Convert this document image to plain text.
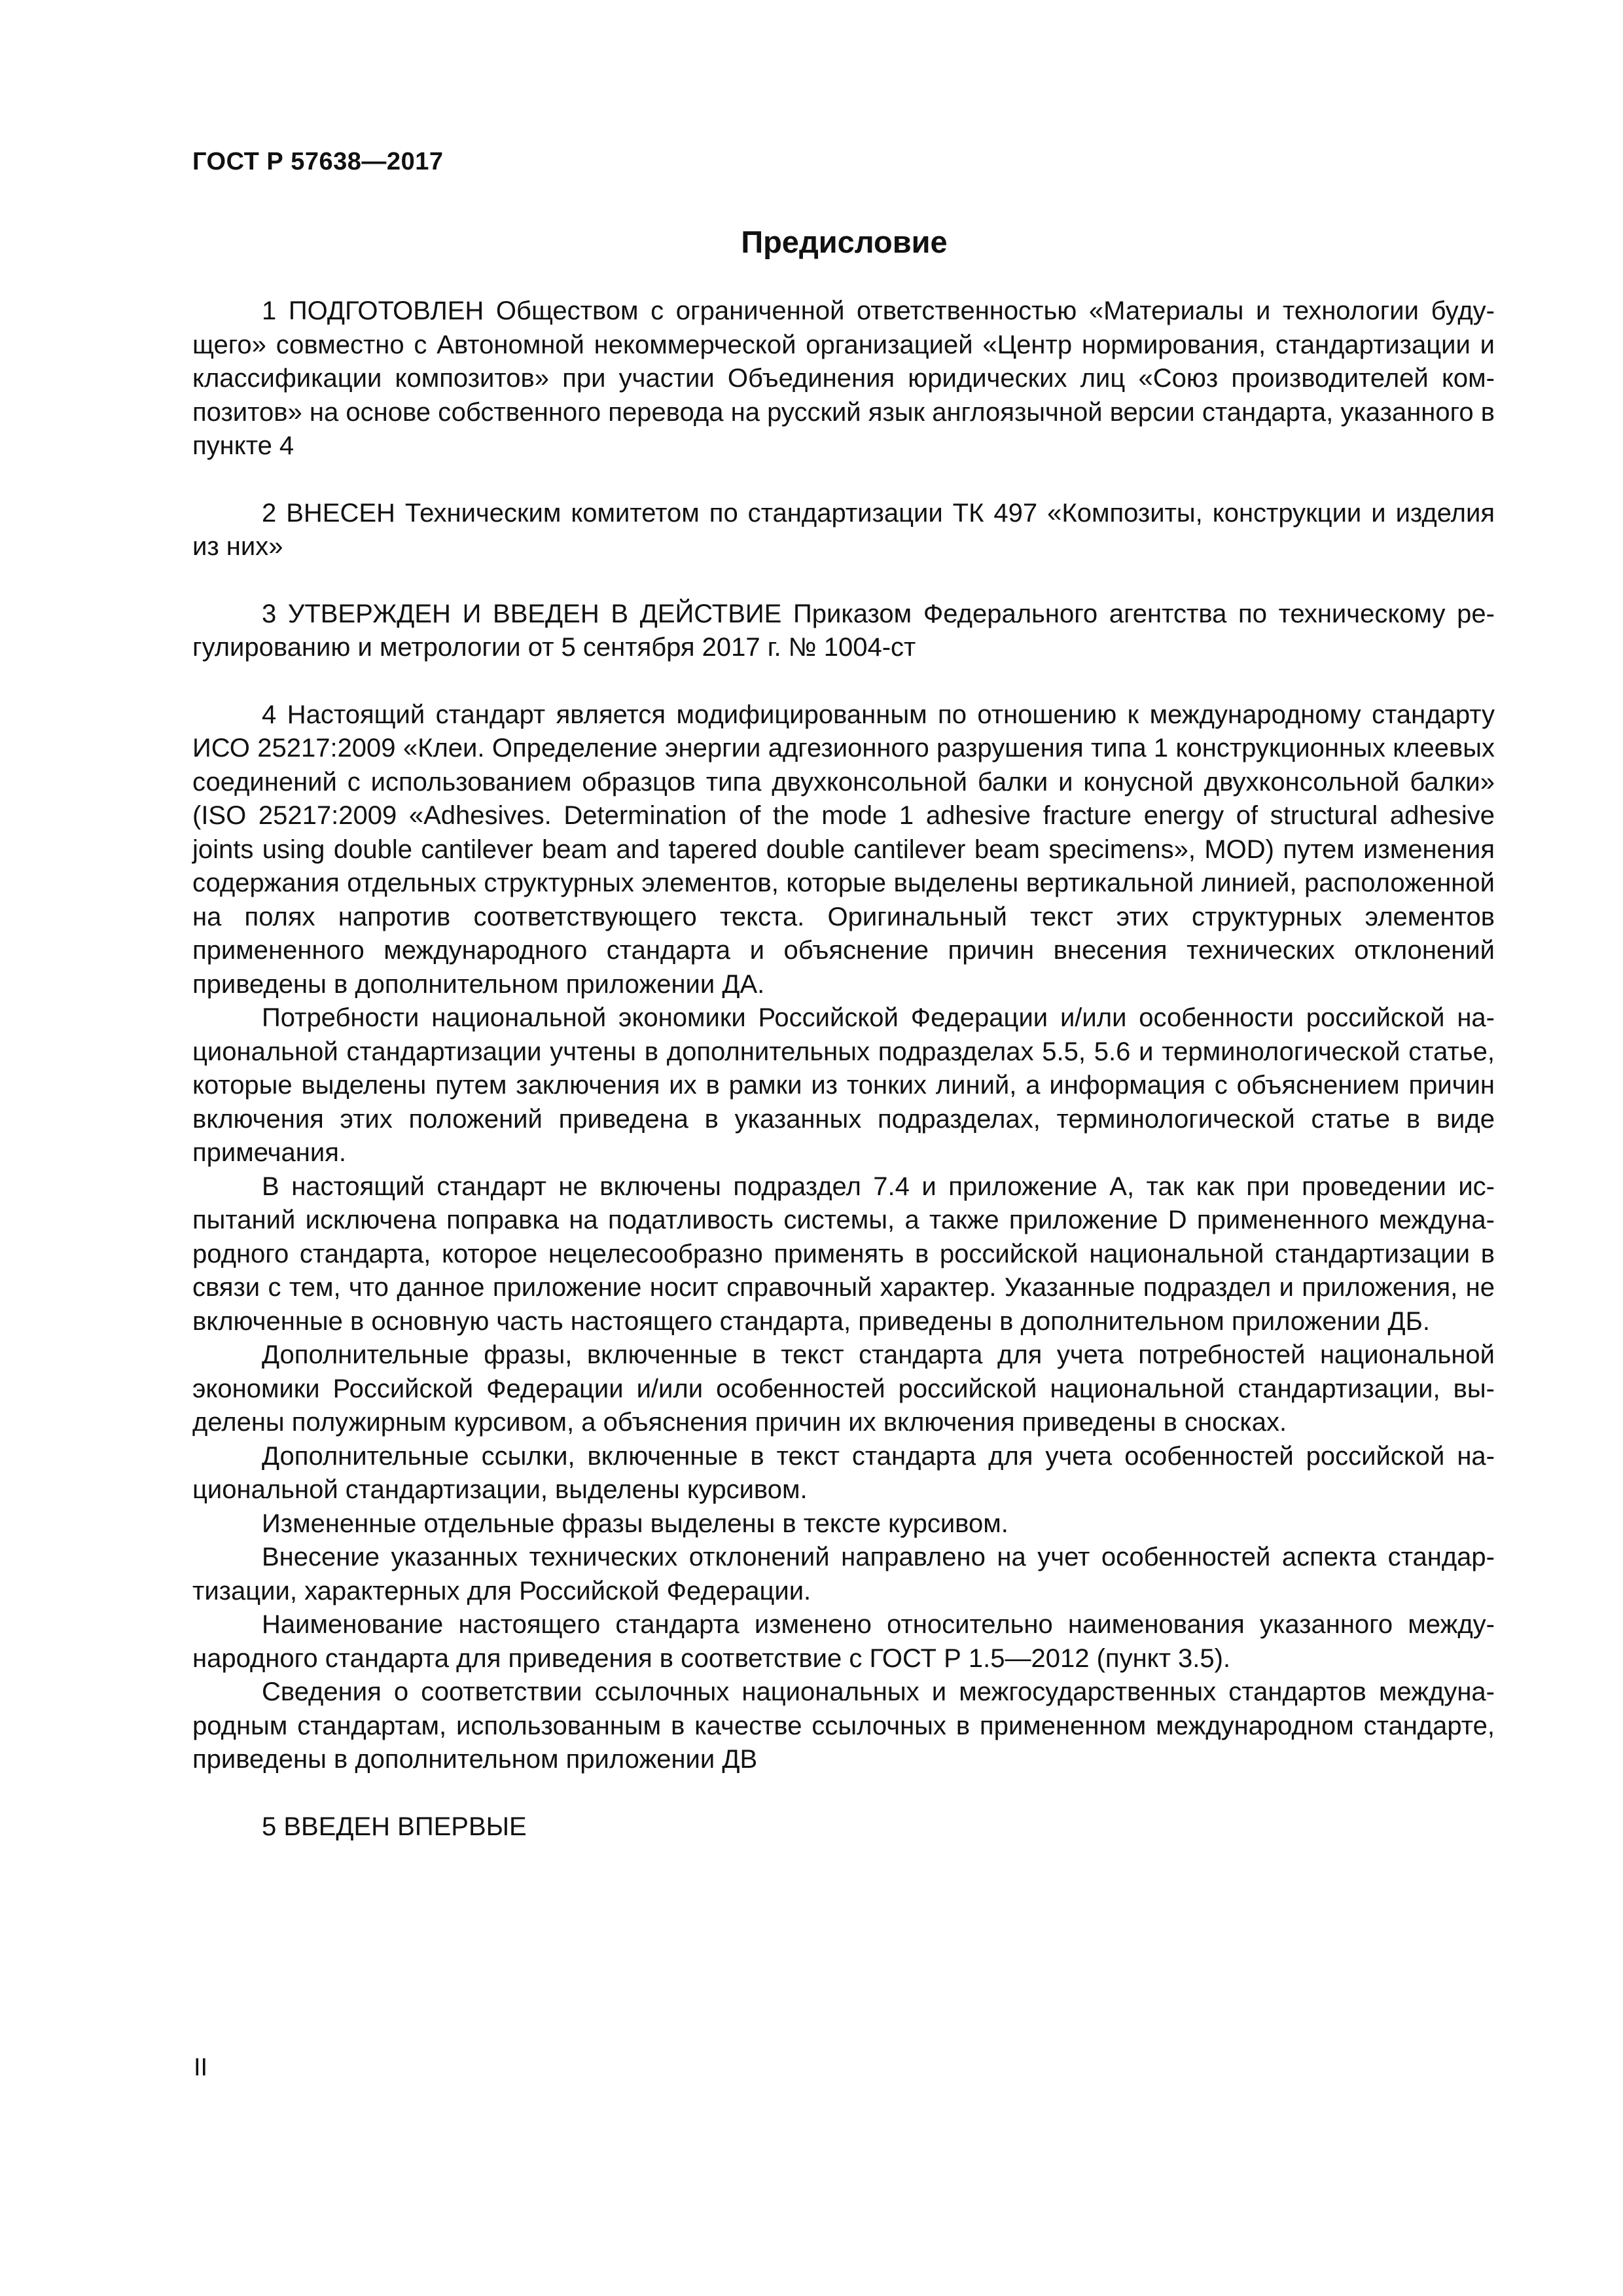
ГОСТ Р 57638—2017
Предисловие

1 ПОДГОТОВЛЕН Обществом с ограниченной ответственностью «Материалы и технологии будущего» совместно с Автономной некоммерческой организацией «Центр нормирования, стандартизации и классификации композитов» при участии Объединения юридических лиц «Союз производителей композитов» на основе собственного перевода на русский язык англоязычной версии стандарта, указанного в пункте 4

2 ВНЕСЕН Техническим комитетом по стандартизации ТК 497 «Композиты, конструкции и изделия из них»

3 УТВЕРЖДЕН И ВВЕДЕН В ДЕЙСТВИЕ Приказом Федерального агентства по техническому регулированию и метрологии от 5 сентября 2017 г. № 1004-ст

4 Настоящий стандарт является модифицированным по отношению к международному стандарту ИСО 25217:2009 «Клеи. Определение энергии адгезионного разрушения типа 1 конструкционных клеевых соединений с использованием образцов типа двухконсольной балки и конусной двухконсольной балки» (ISO 25217:2009 «Adhesives. Determination of the mode 1 adhesive fracture energy of structural adhesive joints using double cantilever beam and tapered double cantilever beam specimens», MOD) путем изменения содержания отдельных структурных элементов, которые выделены вертикальной линией, расположенной на полях напротив соответствующего текста. Оригинальный текст этих структурных элементов примененного международного стандарта и объяснение причин внесения технических отклонений приведены в дополнительном приложении ДА.

Потребности национальной экономики Российской Федерации и/или особенности российской национальной стандартизации учтены в дополнительных подразделах 5.5, 5.6 и терминологической статье, которые выделены путем заключения их в рамки из тонких линий, а информация с объяснением причин включения этих положений приведена в указанных подразделах, терминологической статье в виде примечания.

В настоящий стандарт не включены подраздел 7.4 и приложение А, так как при проведении испытаний исключена поправка на податливость системы, а также приложение D примененного международного стандарта, которое нецелесообразно применять в российской национальной стандартизации в связи с тем, что данное приложение носит справочный характер. Указанные подраздел и приложения, не включенные в основную часть настоящего стандарта, приведены в дополнительном приложении ДБ.

Дополнительные фразы, включенные в текст стандарта для учета потребностей национальной экономики Российской Федерации и/или особенностей российской национальной стандартизации, выделены полужирным курсивом, а объяснения причин их включения приведены в сносках.

Дополнительные ссылки, включенные в текст стандарта для учета особенностей российской национальной стандартизации, выделены курсивом.

Измененные отдельные фразы выделены в тексте курсивом.

Внесение указанных технических отклонений направлено на учет особенностей аспекта стандартизации, характерных для Российской Федерации.

Наименование настоящего стандарта изменено относительно наименования указанного международного стандарта для приведения в соответствие с ГОСТ Р 1.5—2012 (пункт 3.5).

Сведения о соответствии ссылочных национальных и межгосударственных стандартов международным стандартам, использованным в качестве ссылочных в примененном международном стандарте, приведены в дополнительном приложении ДВ

5 ВВЕДЕН ВПЕРВЫЕ

II
